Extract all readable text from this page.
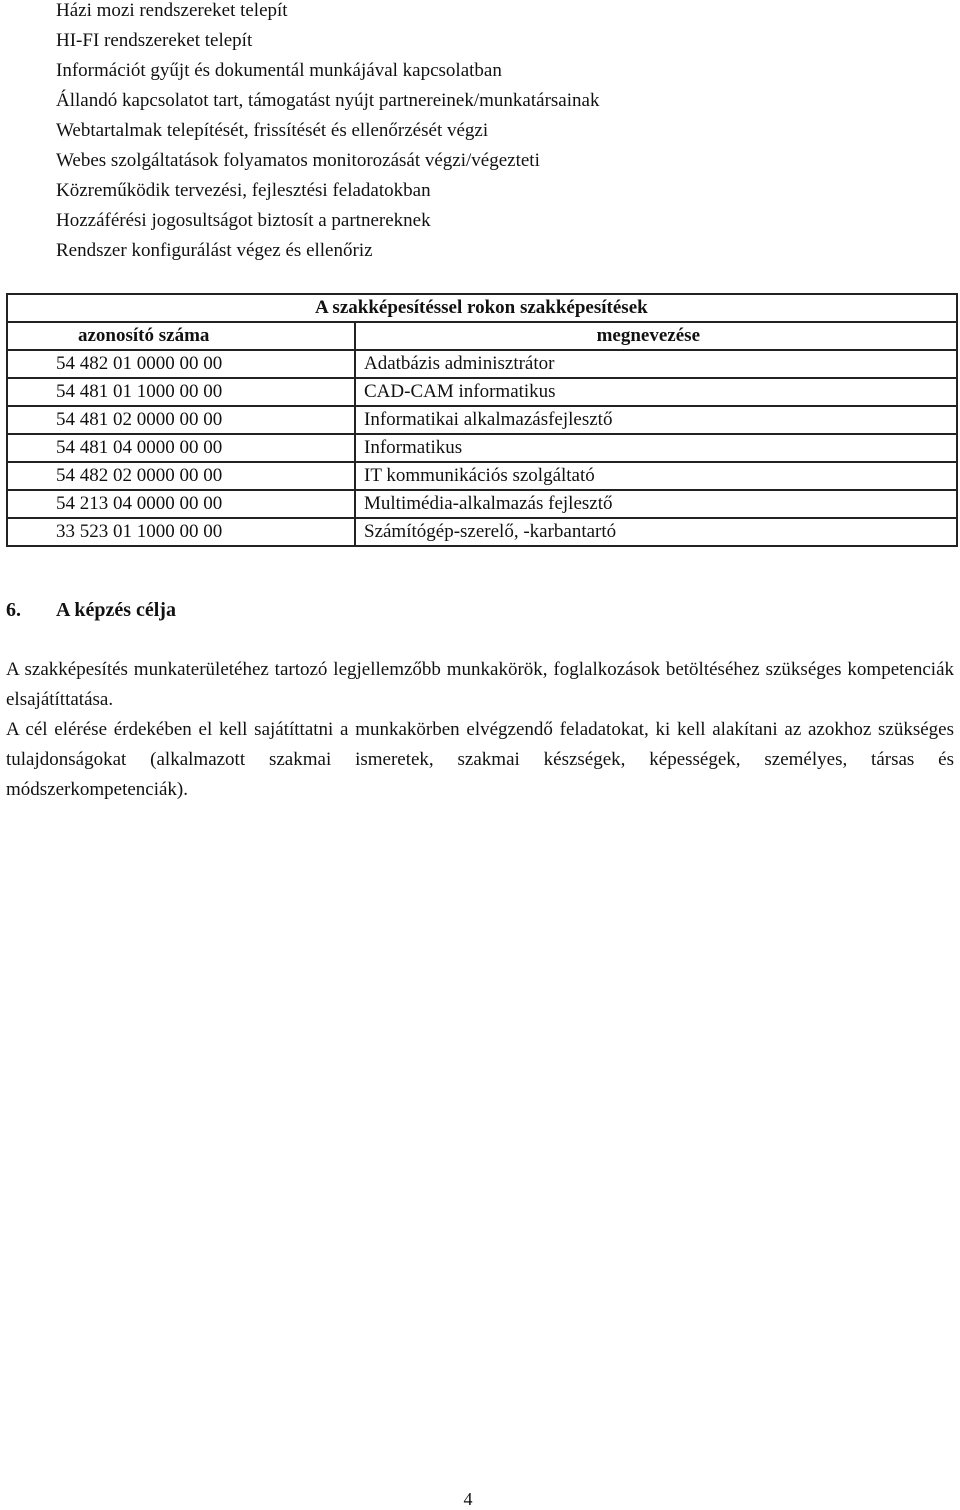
Házi mozi rendszereket telepít
HI-FI rendszereket telepít
Információt gyűjt és dokumentál munkájával kapcsolatban
Állandó kapcsolatot tart, támogatást nyújt partnereinek/munkatársainak
Webtartalmak telepítését, frissítését és ellenőrzését végzi
Webes szolgáltatások folyamatos monitorozását végzi/végezteti
Közreműködik tervezési, fejlesztési feladatokban
Hozzáférési jogosultságot biztosít a partnereknek
Rendszer konfigurálást végez és ellenőriz
	A szakképesítéssel rokon szakképesítések
azonosító száma	megnevezése
54 482 01 0000 00 00	Adatbázis adminisztrátor
54 481 01 1000 00 00	CAD-CAM informatikus
54 481 02 0000 00 00	Informatikai alkalmazásfejlesztő
54 481 04 0000 00 00	Informatikus
54 482 02 0000 00 00	IT kommunikációs szolgáltató
54 213 04 0000 00 00	Multimédia-alkalmazás fejlesztő
33 523 01 1000 00 00	Számítógép-szerelő, -karbantartó
6. A képzés célja
A szakképesítés munkaterületéhez tartozó legjellemzőbb munkakörök, foglalkozások betöltéséhez szükséges kompetenciák elsajátíttatása.
A cél elérése érdekében el kell sajátíttatni a munkakörben elvégzendő feladatokat, ki kell alakítani az azokhoz szükséges tulajdonságokat (alkalmazott szakmai ismeretek, szakmai készségek, képességek, személyes, társas és módszerkompetenciák).
4
